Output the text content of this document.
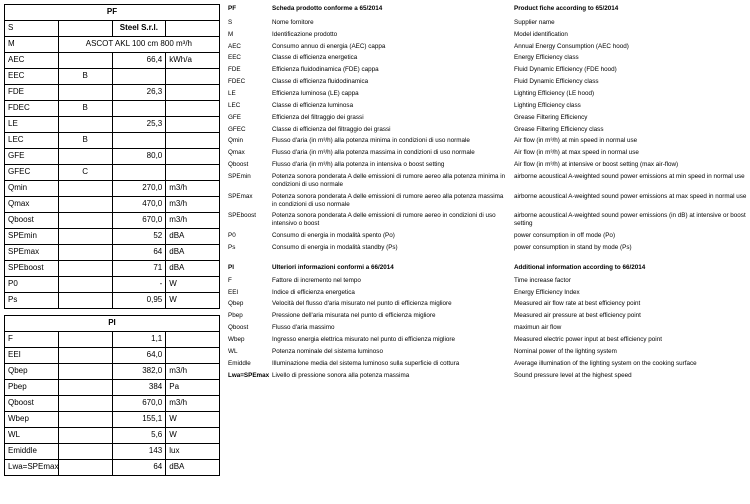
PF			
S		Steel S.r.l.	
M	ASCOT AKL 100 cm 800 m³/h		
AEC		66,4	kWh/a
EEC	B		
FDE		26,3	
FDEC	B		
LE		25,3	
LEC	B		
GFE		80,0	
GFEC	C		
Qmin		270,0	m3/h
Qmax		470,0	m3/h
Qboost		670,0	m3/h
SPEmin		52	dBA
SPEmax		64	dBA
SPEboost		71	dBA
P0		-	W
Ps		0,95	W
PI			
F		1,1	
EEI		64,0	
Qbep		382,0	m3/h
Pbep		384	Pa
Qboost		670,0	m3/h
Wbep		155,1	W
WL		5,6	W
Emiddle		143	lux
Lwa=SPEmax		64	dBA
PF	Scheda prodotto conforme a 65/2014	Product fiche according to 65/2014
S	Nome fornitore	Supplier name
M	Identificazione prodotto	Model identification
AEC	Consumo annuo di energia (AEC) cappa	Annual Energy Consumption (AEC hood)
EEC	Classe di efficienza energetica	Energy Efficiency class
FDE	Efficienza fluidodinamica (FDE) cappa	Fluid Dynamic Efficiency (FDE hood)
FDEC	Classe di efficienza fluidodinamica	Fluid Dynamic Efficiency class
LE	Efficienza luminosa (LE) cappa	Lighting Efficiency (LE hood)
LEC	Classe di efficienza luminosa	Lighting Efficiency class
GFE	Efficienza del filtraggio dei grassi	Grease Filtering Efficiency
GFEC	Classe di efficienza del filtraggio dei grassi	Grease Filtering Efficiency class
Qmin	Flusso d'aria (in m³/h) alla potenza minima in condizioni di uso normale	Air flow (in m³/h) at min speed in normal use
Qmax	Flusso d'aria (in m³/h) alla potenza massima in condizioni di uso normale	Air flow (in m³/h) at max speed in normal use
Qboost	Flusso d'aria (in m³/h) alla potenza in intensiva o boost setting	Air flow (in m³/h) at intensive or boost setting (max air-flow)
SPEmin	Potenza sonora ponderata A delle emissioni di rumore aereo alla potenza minima in condizioni di uso normale	airborne acoustical A-weighted sound power emissions at min speed in normal use
SPEmax	Potenza sonora ponderata A delle emissioni di rumore aereo alla potenza massima in condizioni di uso normale	airborne acoustical A-weighted sound power emissions at max speed in normal use
SPEboost	Potenza sonora ponderata A delle emissioni di rumore aereo in condizioni di uso intensivo o boost	airborne acoustical A-weighted sound power emissions (in dB) at intensive or boost setting
P0	Consumo di energia in modalità spento (Po)	power consumption in off mode (Po)
Ps	Consumo di energia in modalità standby (Ps)	power consumption in stand by mode (Ps)
PI	Ulteriori informazioni conformi a 66/2014	Additional information according to 66/2014
F	Fattore di incremento nel tempo	Time increase factor
EEI	Indice di efficienza energetica	Energy Efficiency Index
Qbep	Velocità del flusso d'aria misurato nel punto di efficienza migliore	Measured air flow rate at best efficiency point
Pbep	Pressione dell'aria misurata nel punto di efficienza migliore	Measured air pressure at best efficiency point
Qboost	Flusso d'aria massimo	maximun air flow
Wbep	Ingresso energia elettrica misurato nel punto di efficienza migliore	Measured electric power input at best efficiency point
WL	Potenza nominale del sistema luminoso	Nominal power of the lighting system
Emiddle	Illuminazione media del sistema luminoso sulla superficie di cottura	Average illumination of the lighting system on the cooking surface
Lwa=SPEmax	Livello di pressione sonora alla potenza massima	Sound pressure level at the highest speed
